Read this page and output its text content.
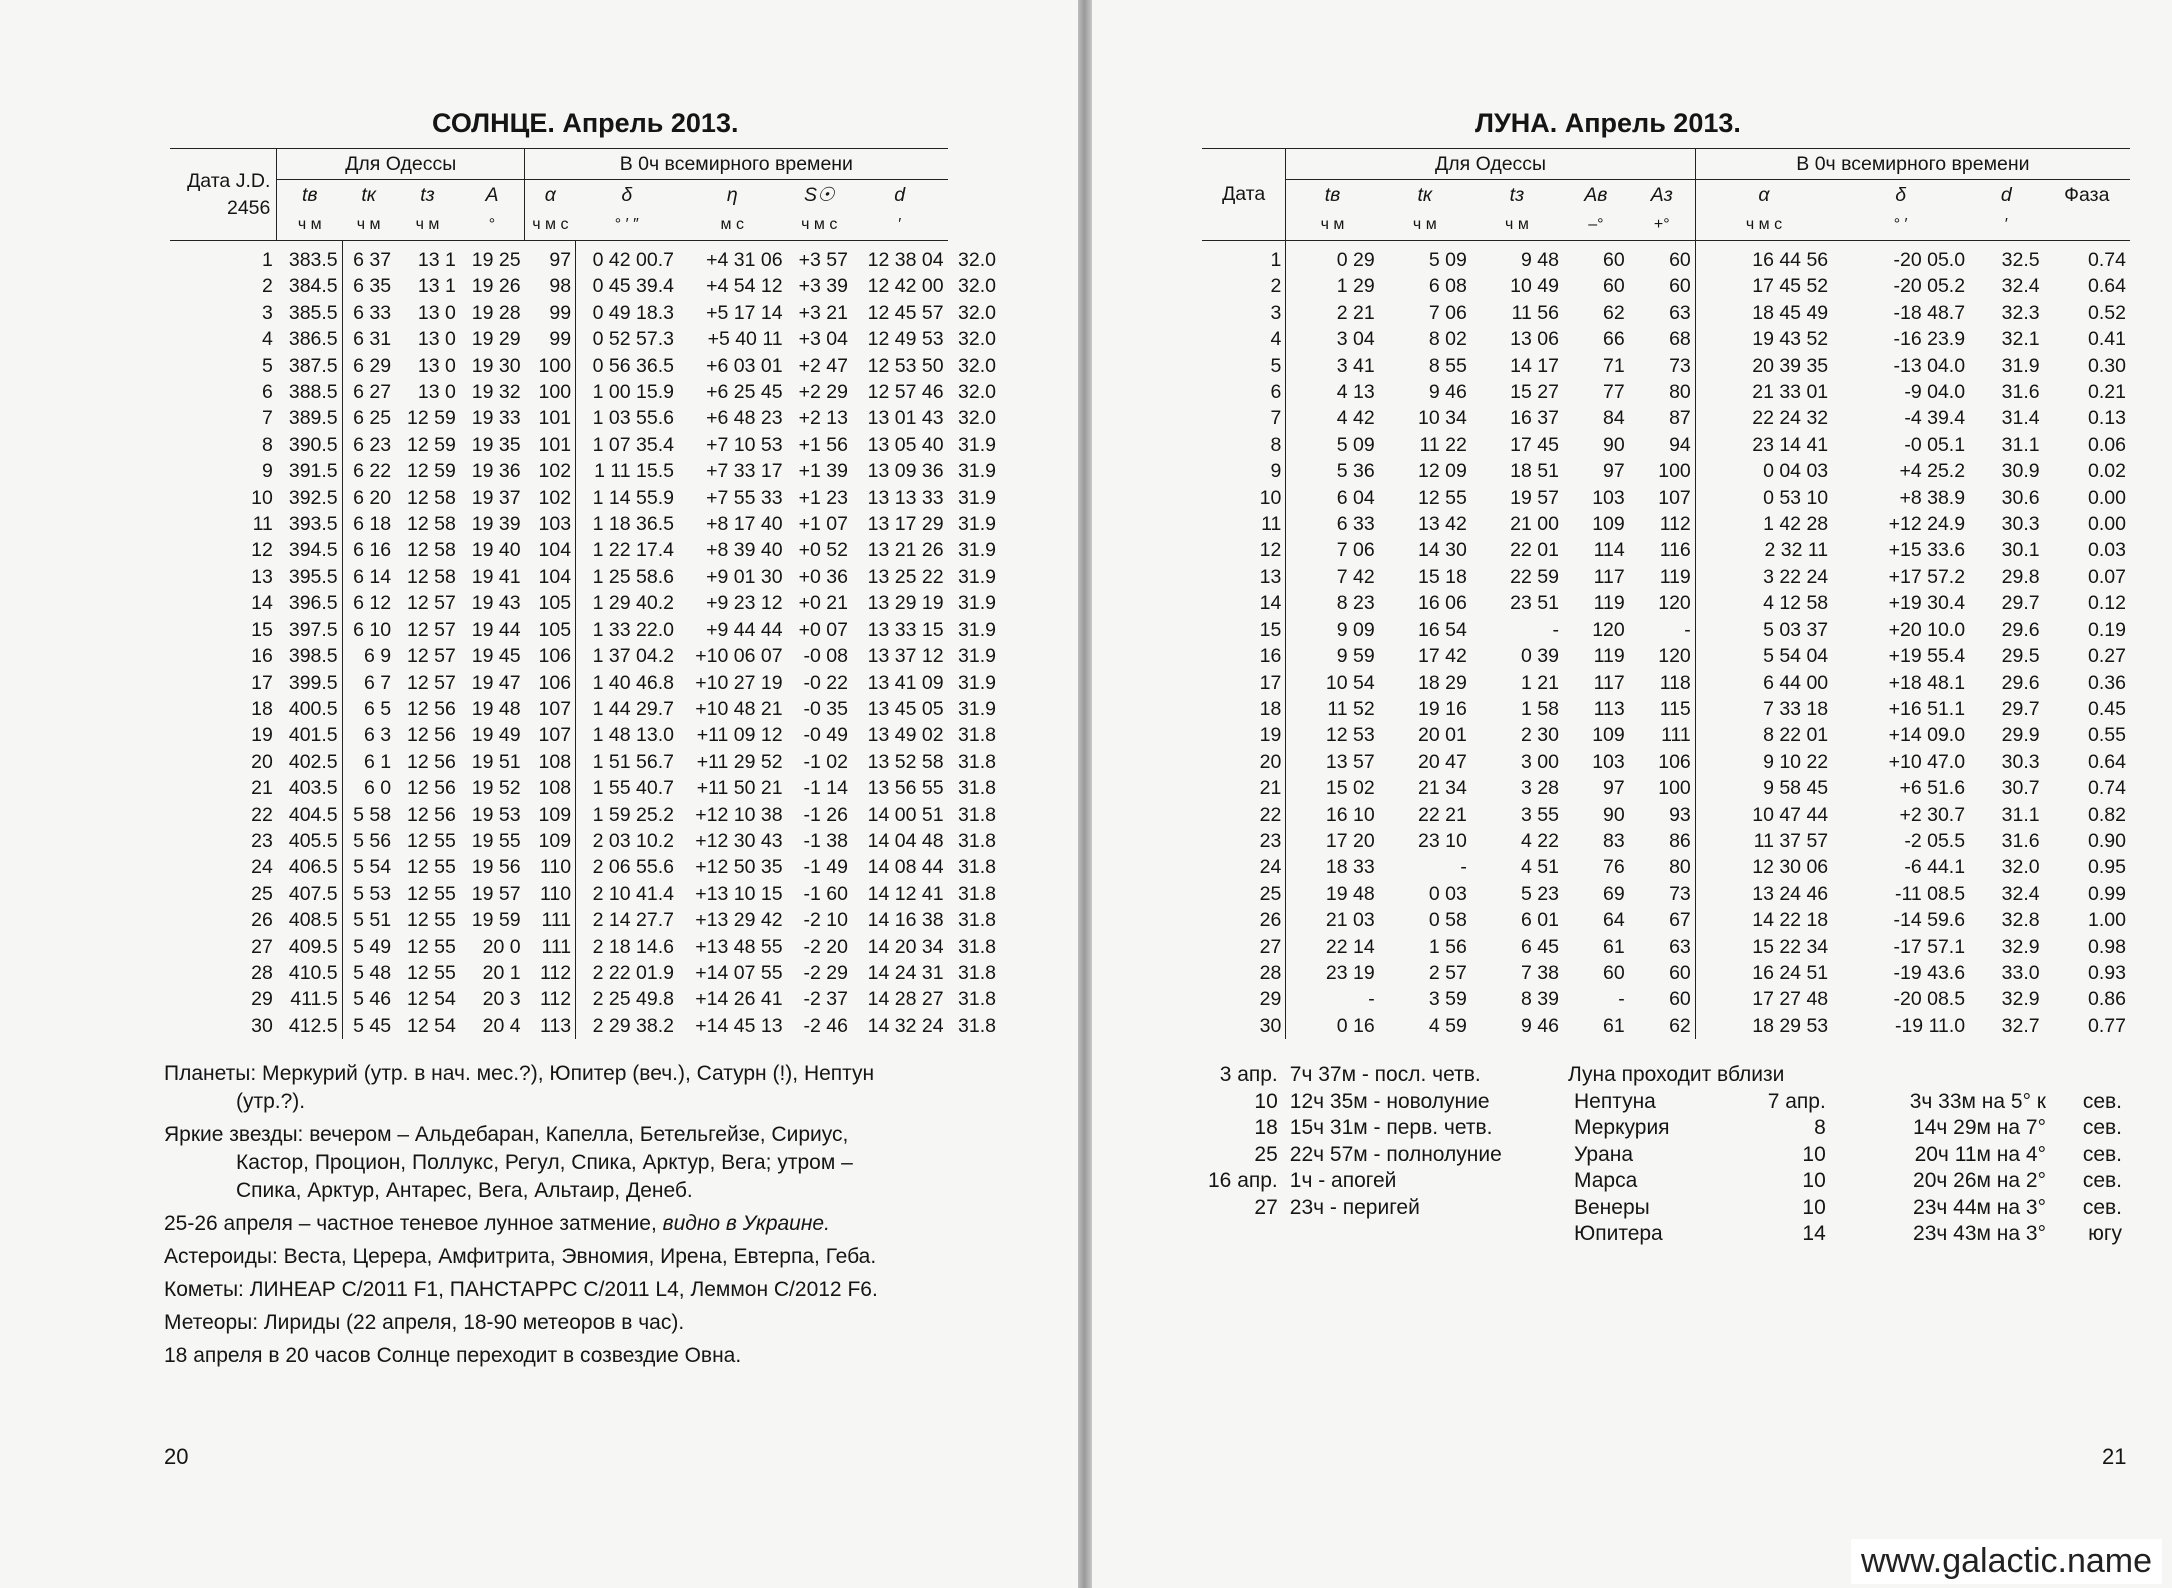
СОЛНЦЕ. Апрель 2013.
Дата J.D.
2456	Для Одессы				В 0ч всемирного времени					
	tв	tк	tз	A	α	δ	η	S☉	d	
	ч м	ч м	ч м	°	ч м с	° ′ ″	м с	ч м с	′	
1	383.5	6 37	13 1	19 25	97	0 42 00.7	+4 31 06	+3 57	12 38 04	32.0
2	384.5	6 35	13 1	19 26	98	0 45 39.4	+4 54 12	+3 39	12 42 00	32.0
3	385.5	6 33	13 0	19 28	99	0 49 18.3	+5 17 14	+3 21	12 45 57	32.0
4	386.5	6 31	13 0	19 29	99	0 52 57.3	+5 40 11	+3 04	12 49 53	32.0
5	387.5	6 29	13 0	19 30	100	0 56 36.5	+6 03 01	+2 47	12 53 50	32.0
6	388.5	6 27	13 0	19 32	100	1 00 15.9	+6 25 45	+2 29	12 57 46	32.0
7	389.5	6 25	12 59	19 33	101	1 03 55.6	+6 48 23	+2 13	13 01 43	32.0
8	390.5	6 23	12 59	19 35	101	1 07 35.4	+7 10 53	+1 56	13 05 40	31.9
9	391.5	6 22	12 59	19 36	102	1 11 15.5	+7 33 17	+1 39	13 09 36	31.9
10	392.5	6 20	12 58	19 37	102	1 14 55.9	+7 55 33	+1 23	13 13 33	31.9
11	393.5	6 18	12 58	19 39	103	1 18 36.5	+8 17 40	+1 07	13 17 29	31.9
12	394.5	6 16	12 58	19 40	104	1 22 17.4	+8 39 40	+0 52	13 21 26	31.9
13	395.5	6 14	12 58	19 41	104	1 25 58.6	+9 01 30	+0 36	13 25 22	31.9
14	396.5	6 12	12 57	19 43	105	1 29 40.2	+9 23 12	+0 21	13 29 19	31.9
15	397.5	6 10	12 57	19 44	105	1 33 22.0	+9 44 44	+0 07	13 33 15	31.9
16	398.5	6 9	12 57	19 45	106	1 37 04.2	+10 06 07	-0 08	13 37 12	31.9
17	399.5	6 7	12 57	19 47	106	1 40 46.8	+10 27 19	-0 22	13 41 09	31.9
18	400.5	6 5	12 56	19 48	107	1 44 29.7	+10 48 21	-0 35	13 45 05	31.9
19	401.5	6 3	12 56	19 49	107	1 48 13.0	+11 09 12	-0 49	13 49 02	31.8
20	402.5	6 1	12 56	19 51	108	1 51 56.7	+11 29 52	-1 02	13 52 58	31.8
21	403.5	6 0	12 56	19 52	108	1 55 40.7	+11 50 21	-1 14	13 56 55	31.8
22	404.5	5 58	12 56	19 53	109	1 59 25.2	+12 10 38	-1 26	14 00 51	31.8
23	405.5	5 56	12 55	19 55	109	2 03 10.2	+12 30 43	-1 38	14 04 48	31.8
24	406.5	5 54	12 55	19 56	110	2 06 55.6	+12 50 35	-1 49	14 08 44	31.8
25	407.5	5 53	12 55	19 57	110	2 10 41.4	+13 10 15	-1 60	14 12 41	31.8
26	408.5	5 51	12 55	19 59	111	2 14 27.7	+13 29 42	-2 10	14 16 38	31.8
27	409.5	5 49	12 55	20 0	111	2 18 14.6	+13 48 55	-2 20	14 20 34	31.8
28	410.5	5 48	12 55	20 1	112	2 22 01.9	+14 07 55	-2 29	14 24 31	31.8
29	411.5	5 46	12 54	20 3	112	2 25 49.8	+14 26 41	-2 37	14 28 27	31.8
30	412.5	5 45	12 54	20 4	113	2 29 38.2	+14 45 13	-2 46	14 32 24	31.8

Планеты: Меркурий (утр. в нач. мес.?), Юпитер (веч.), Сатурн (!), Нептун
(утр.?).

Яркие звезды: вечером – Альдебаран, Капелла, Бетельгейзе, Сириус,
Кастор, Процион, Поллукс, Регул, Спика, Арктур, Вега; утром –
Спика, Арктур, Антарес, Вега, Альтаир, Денеб.

25-26 апреля – частное теневое лунное затмение, видно в Украине.

Астероиды: Веста, Церера, Амфитрита, Эвномия, Ирена, Евтерпа, Геба.

Кометы: ЛИНЕАР C/2011 F1, ПАНСТАРРС C/2011 L4, Леммон C/2012 F6.

Метеоры: Лириды (22 апреля, 18-90 метеоров в час).

18 апреля в 20 часов Солнце переходит в созвездие Овна.

20
ЛУНА. Апрель 2013.
Дата	Для Одессы					В 0ч всемирного времени			
	tв	tк	tз	Aв	Aз	α	δ	d	Фаза
	ч м	ч м	ч м	–°	+°	ч м с	° ′	′	
1	0 29	5 09	9 48	60	60	16 44 56	-20 05.0	32.5	0.74
2	1 29	6 08	10 49	60	60	17 45 52	-20 05.2	32.4	0.64
3	2 21	7 06	11 56	62	63	18 45 49	-18 48.7	32.3	0.52
4	3 04	8 02	13 06	66	68	19 43 52	-16 23.9	32.1	0.41
5	3 41	8 55	14 17	71	73	20 39 35	-13 04.0	31.9	0.30
6	4 13	9 46	15 27	77	80	21 33 01	-9 04.0	31.6	0.21
7	4 42	10 34	16 37	84	87	22 24 32	-4 39.4	31.4	0.13
8	5 09	11 22	17 45	90	94	23 14 41	-0 05.1	31.1	0.06
9	5 36	12 09	18 51	97	100	0 04 03	+4 25.2	30.9	0.02
10	6 04	12 55	19 57	103	107	0 53 10	+8 38.9	30.6	0.00
11	6 33	13 42	21 00	109	112	1 42 28	+12 24.9	30.3	0.00
12	7 06	14 30	22 01	114	116	2 32 11	+15 33.6	30.1	0.03
13	7 42	15 18	22 59	117	119	3 22 24	+17 57.2	29.8	0.07
14	8 23	16 06	23 51	119	120	4 12 58	+19 30.4	29.7	0.12
15	9 09	16 54	-	120	-	5 03 37	+20 10.0	29.6	0.19
16	9 59	17 42	0 39	119	120	5 54 04	+19 55.4	29.5	0.27
17	10 54	18 29	1 21	117	118	6 44 00	+18 48.1	29.6	0.36
18	11 52	19 16	1 58	113	115	7 33 18	+16 51.1	29.7	0.45
19	12 53	20 01	2 30	109	111	8 22 01	+14 09.0	29.9	0.55
20	13 57	20 47	3 00	103	106	9 10 22	+10 47.0	30.3	0.64
21	15 02	21 34	3 28	97	100	9 58 45	+6 51.6	30.7	0.74
22	16 10	22 21	3 55	90	93	10 47 44	+2 30.7	31.1	0.82
23	17 20	23 10	4 22	83	86	11 37 57	-2 05.5	31.6	0.90
24	18 33	-	4 51	76	80	12 30 06	-6 44.1	32.0	0.95
25	19 48	0 03	5 23	69	73	13 24 46	-11 08.5	32.4	0.99
26	21 03	0 58	6 01	64	67	14 22 18	-14 59.6	32.8	1.00
27	22 14	1 56	6 45	61	63	15 22 34	-17 57.1	32.9	0.98
28	23 19	2 57	7 38	60	60	16 24 51	-19 43.6	33.0	0.93
29	-	3 59	8 39	-	60	17 27 48	-20 08.5	32.9	0.86
30	0 16	4 59	9 46	61	62	18 29 53	-19 11.0	32.7	0.77
3 апр.	7ч 37м - посл. четв.
10	12ч 35м - новолуние
18	15ч 31м - перв. четв.
25	22ч 57м - полнолуние
16 апр.	1ч - апогей
27	23ч - перигей
Луна проходит вблизи
Нептуна	7 апр.	3ч 33м на 5° к	сев.
Меркурия	8	14ч 29м на 7°	сев.
Урана	10	20ч 11м на 4°	сев.
Марса	10	20ч 26м на 2°	сев.
Венеры	10	23ч 44м на 3°	сев.
Юпитера	14	23ч 43м на 3°	югу
21
www.galactic.name
